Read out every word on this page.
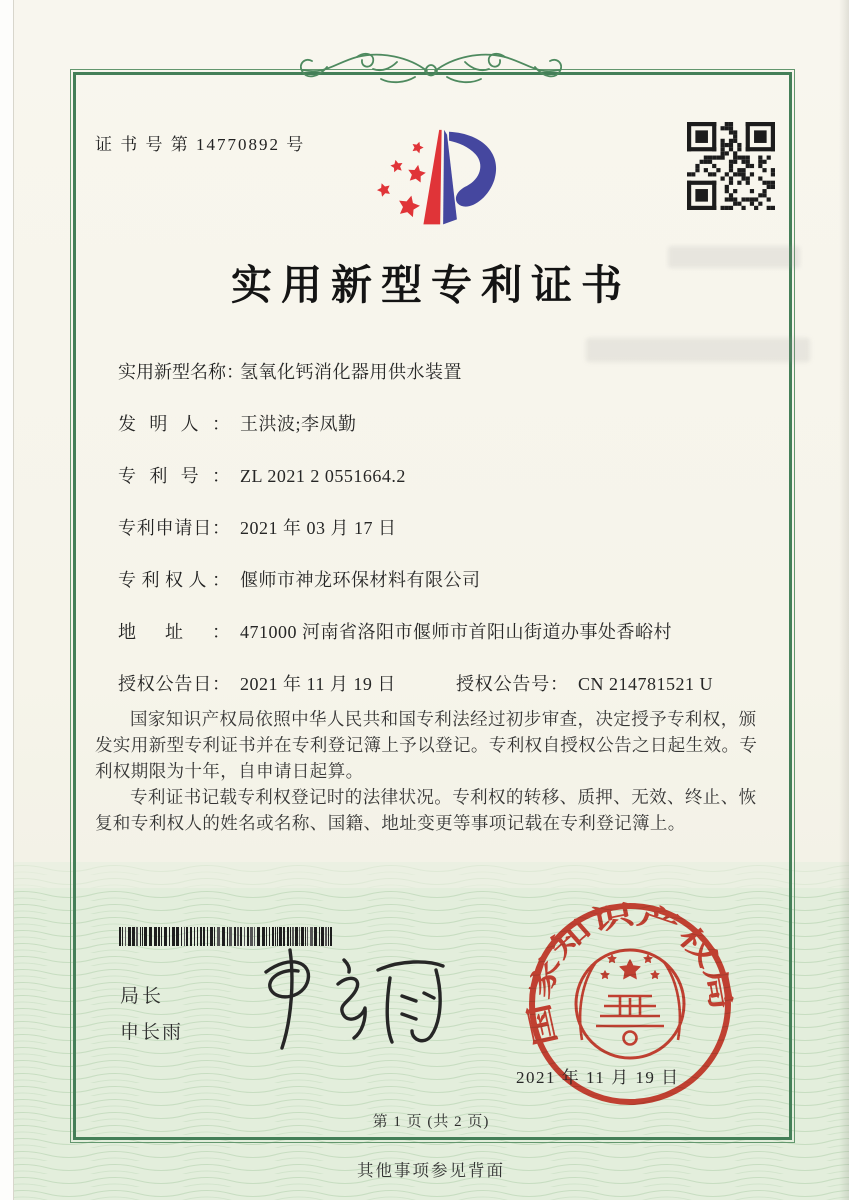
证 书 号 第 14770892 号
实用新型专利证书
实用新型名称：氢氧化钙消化器用供水装置
发明人： 王洪波;李凤勤
专利号： ZL 2021 2 0551664.2
专利申请日： 2021 年 03 月 17 日
专利权人： 偃师市神龙环保材料有限公司
地址： 471000 河南省洛阳市偃师市首阳山街道办事处香峪村
授权公告日： 2021 年 11 月 19 日	授权公告号： CN 214781521 U

国家知识产权局依照中华人民共和国专利法经过初步审查，决定授予专利权，颁发实用新型专利证书并在专利登记簿上予以登记。专利权自授权公告之日起生效。专利权期限为十年，自申请日起算。

专利证书记载专利权登记时的法律状况。专利权的转移、质押、无效、终止、恢复和专利权人的姓名或名称、国籍、地址变更等事项记载在专利登记簿上。

局长
申长雨	国家知识产权局
2021 年 11 月 19 日
第 1 页 (共 2 页)
其他事项参见背面
